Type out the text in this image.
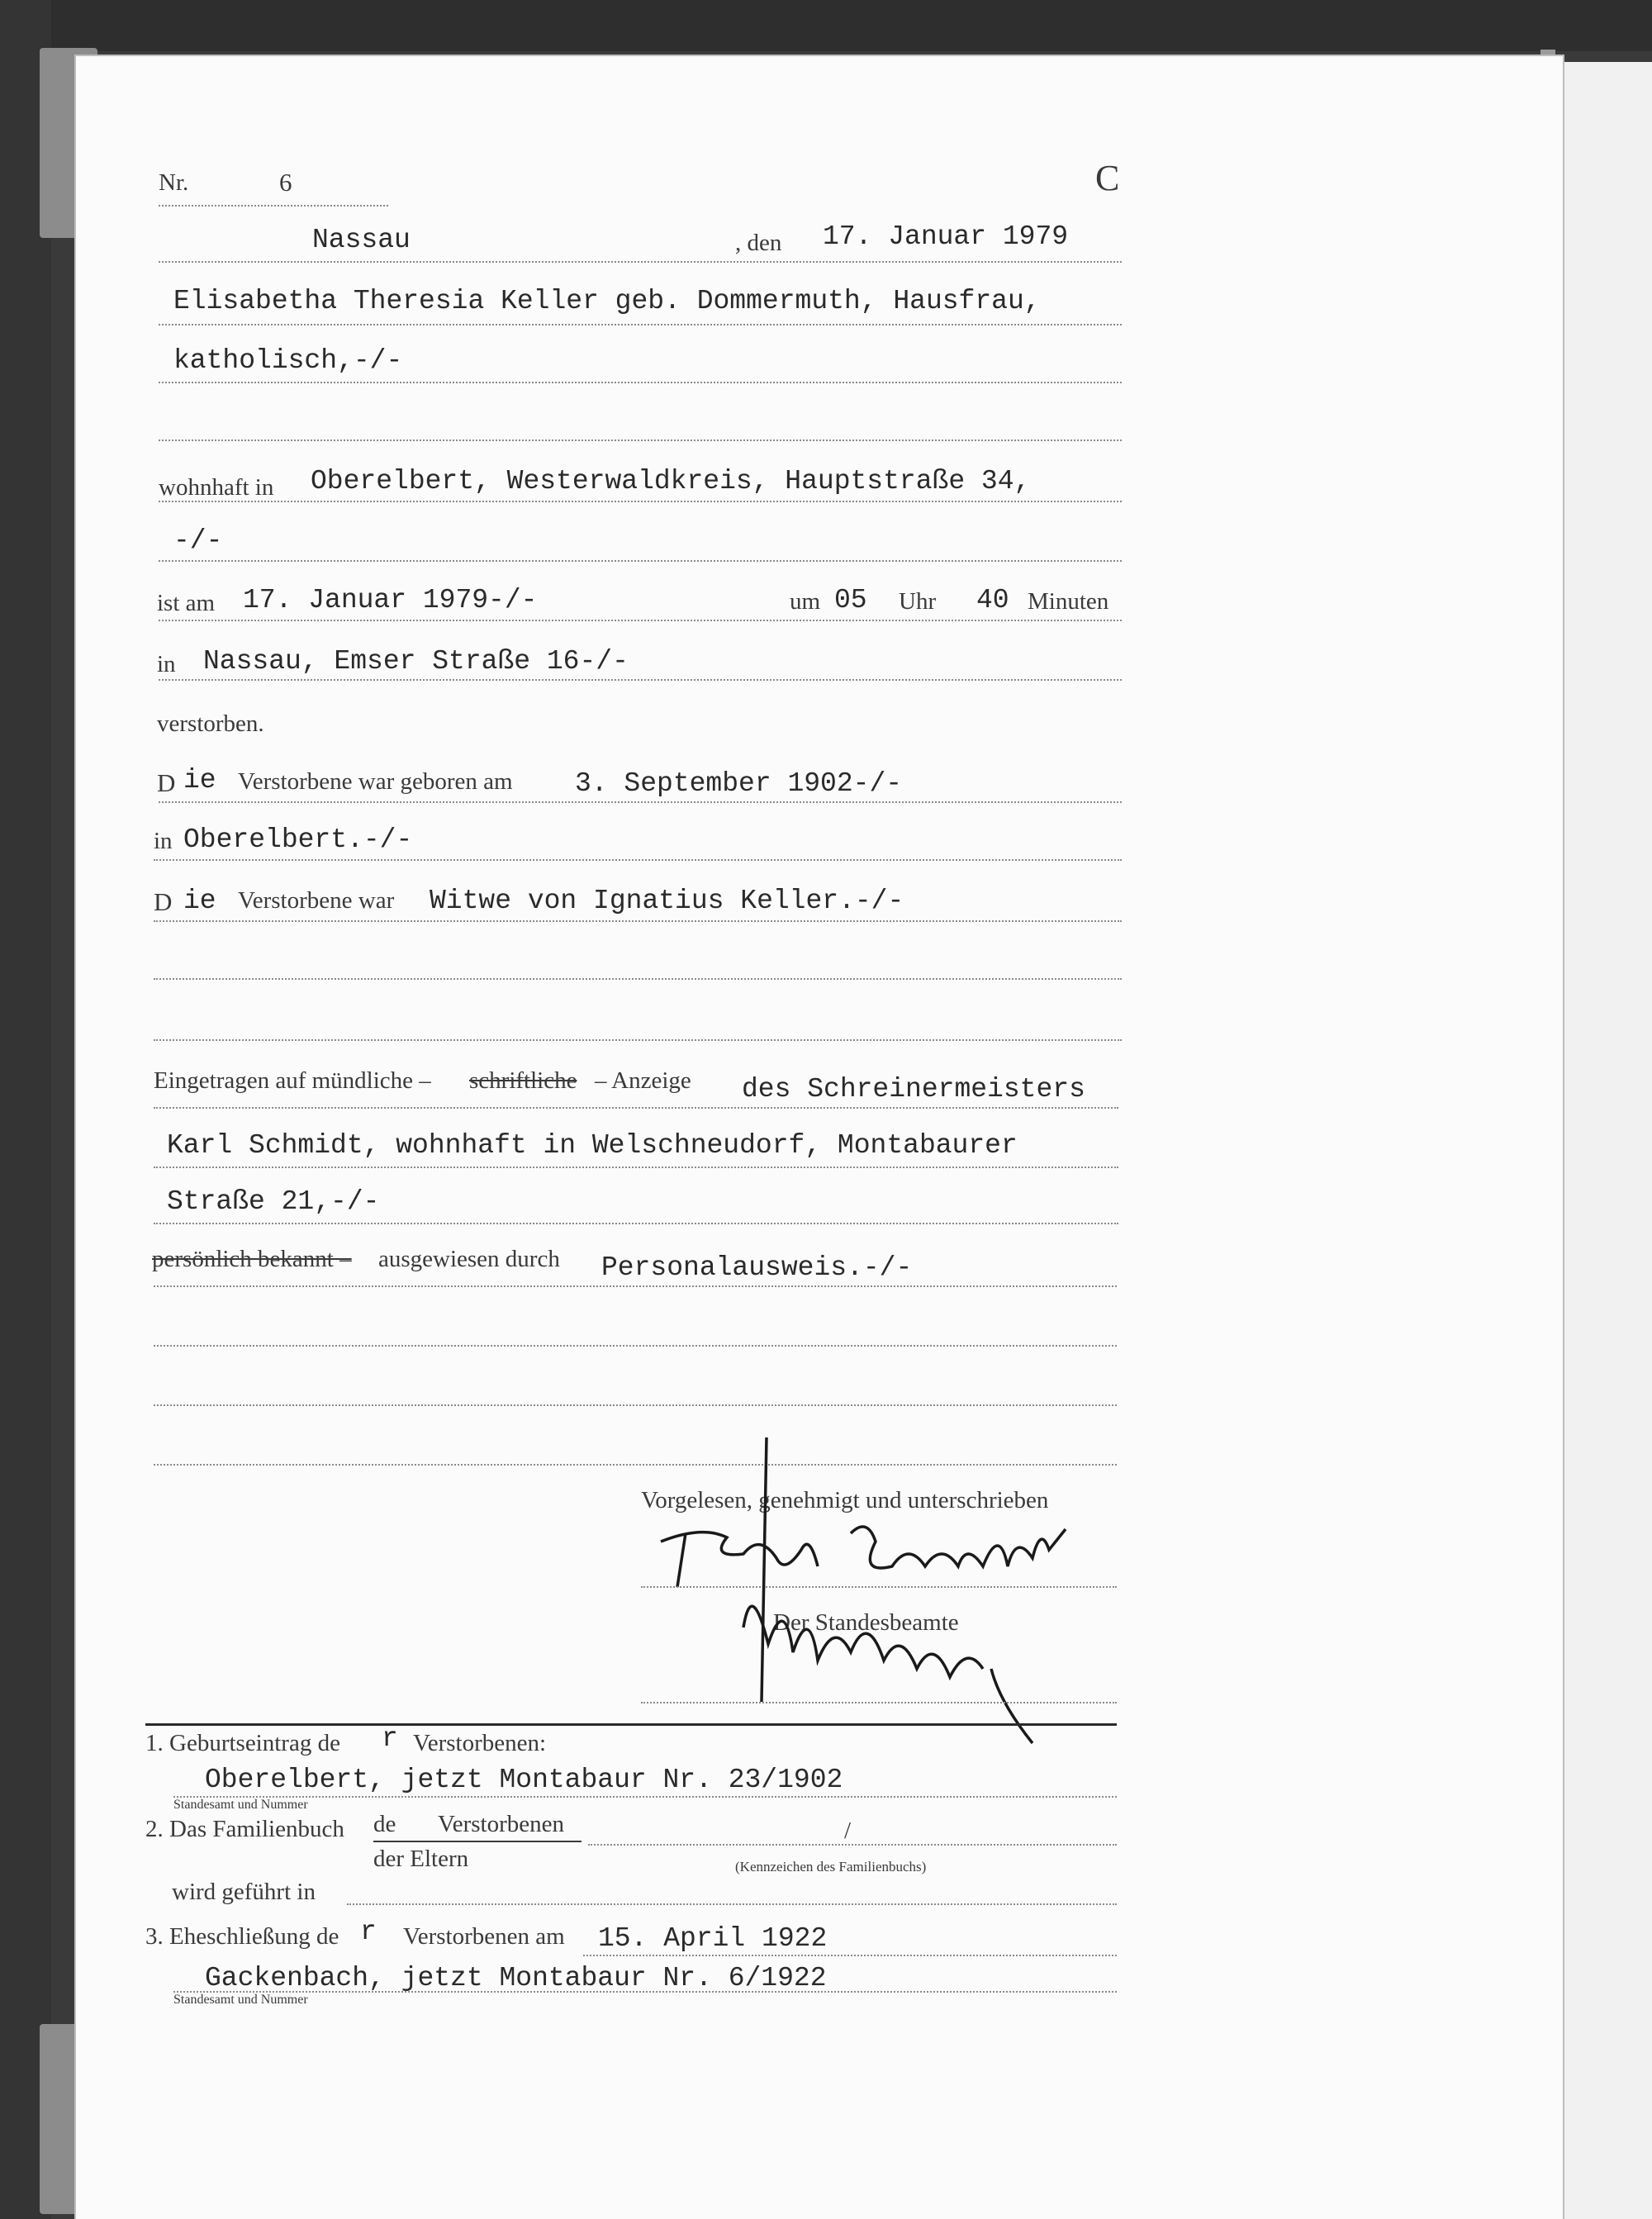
Nr.	6	C
Nassau	, den 17. Januar 1979
Elisabetha Theresia Keller geb. Dommermuth, Hausfrau,
katholisch,-/-
wohnhaft in Oberelbert, Westerwaldkreis, Hauptstraße 34,
-/-
ist am 17. Januar 1979-/-	um 05 Uhr 40 Minuten
in Nassau, Emser Straße 16-/-
verstorben.
D ie Verstorbene war geboren am 3. September 1902-/-
in Oberelbert.-/-
D ie Verstorbene war Witwe von Ignatius Keller.-/-
Eingetragen auf mündliche – schriftliche – Anzeige des Schreinermeisters
Karl Schmidt, wohnhaft in Welschneudorf, Montabaurer
Straße 21,-/-
persönlich bekannt – ausgewiesen durch Personalausweis.-/-
Vorgelesen, genehmigt und unterschrieben
Der Standesbeamte
1. Geburtseintrag de r Verstorbenen:
Oberelbert, jetzt Montabaur Nr. 23/1902
Standesamt und Nummer
2. Das Familienbuch de Verstorbenen
der Eltern
/
(Kennzeichen des Familienbuchs)
wird geführt in
3. Eheschließung de r Verstorbenen am 15. April 1922
Gackenbach, jetzt Montabaur Nr. 6/1922
Standesamt und Nummer
